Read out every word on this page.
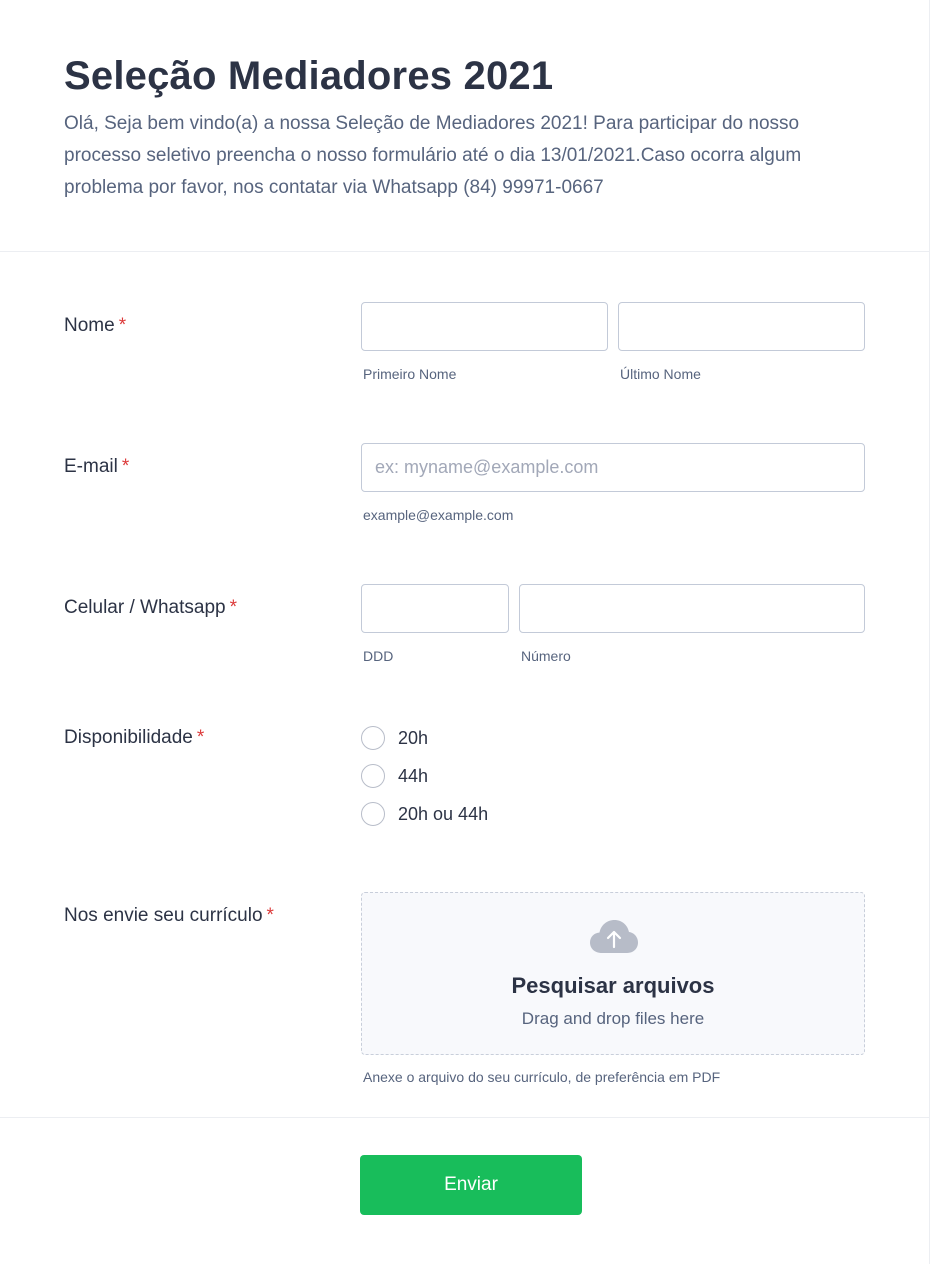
Seleção Mediadores 2021

Olá, Seja bem vindo(a) a nossa Seleção de Mediadores 2021! Para participar do nosso processo seletivo preencha o nosso formulário até o dia 13/01/2021.Caso ocorra algum problema por favor, nos contatar via Whatsapp (84) 99971-0667

Nome *
Primeiro Nome	Último Nome
E-mail *
ex: myname@example.com
example@example.com
Celular / Whatsapp *
DDD	Número
Disponibilidade *	20h
44h
20h ou 44h
Nos envie seu currículo *
Pesquisar arquivos
Drag and drop files here
Anexe o arquivo do seu currículo, de preferência em PDF
Enviar
